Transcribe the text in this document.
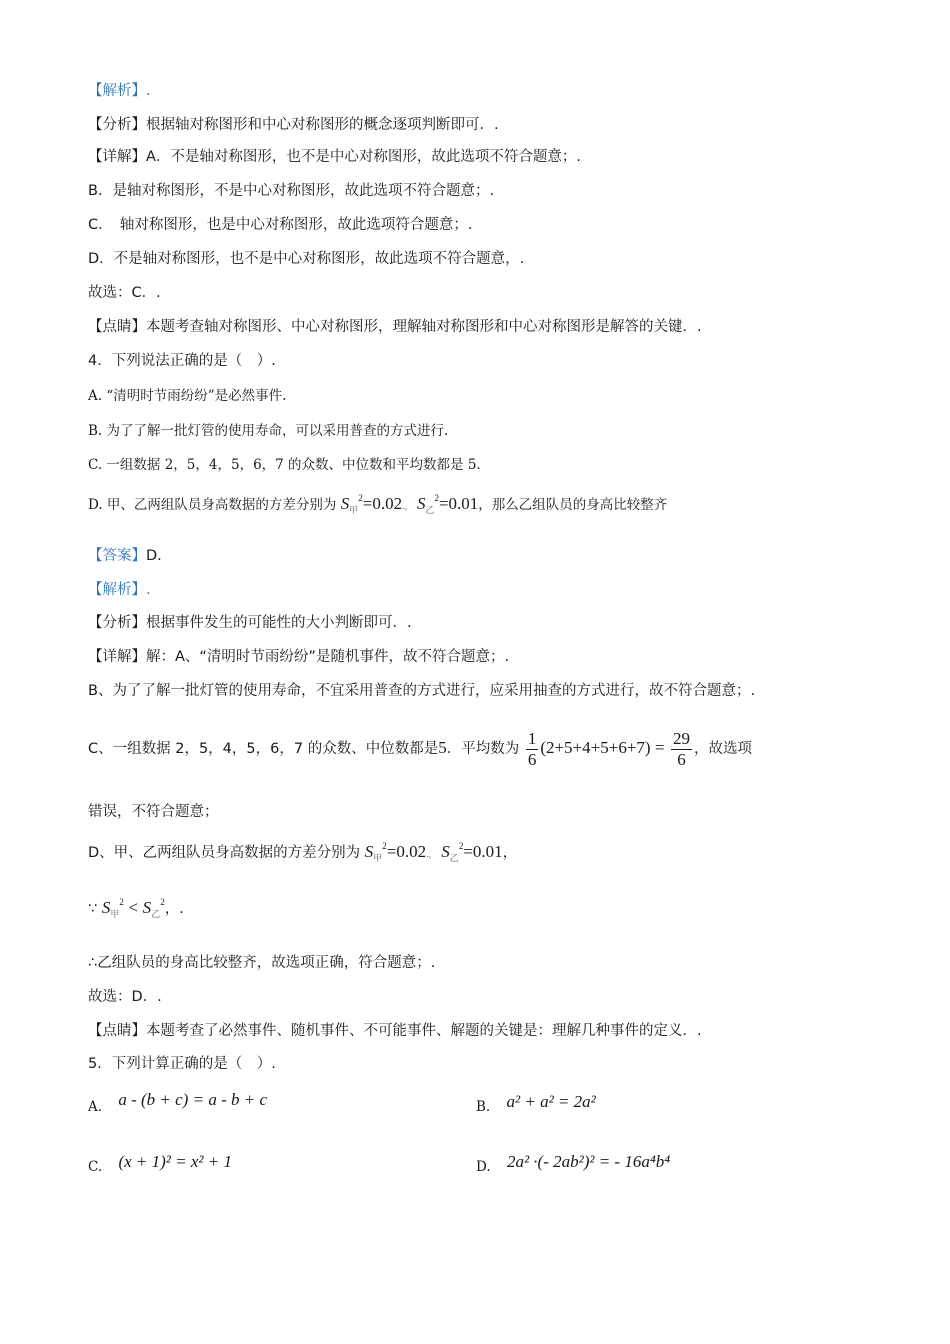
【解析】.
【分析】根据轴对称图形和中心对称图形的概念逐项判断即可．.
【详解】A．不是轴对称图形，也不是中心对称图形，故此选项不符合题意；.
B．是轴对称图形，不是中心对称图形，故此选项不符合题意；.
C．　轴对称图形，也是中心对称图形，故此选项符合题意；.
D．不是轴对称图形，也不是中心对称图形，故此选项不符合题意，.
故选：C．.
【点睛】本题考查轴对称图形、中心对称图形，理解轴对称图形和中心对称图形是解答的关键．.
4．下列说法正确的是（　）.
A. “清明时节雨纷纷”是必然事件.
B. 为了了解一批灯管的使用寿命，可以采用普查的方式进行.
C. 一组数据 2，5，4，5，6，7 的众数、中位数和平均数都是 5.
D. 甲、乙两组队员身高数据的方差分别为 $S_甲^2=0.02$.， $S_乙^2=0.01$，那么乙组队员的身高比较整齐
【答案】D.
【解析】.
【分析】根据事件发生的可能性的大小判断即可．.
【详解】解：A、“清明时节雨纷纷”是随机事件，故不符合题意；.
B、为了了解一批灯管的使用寿命，不宜采用普查的方式进行，应采用抽查的方式进行，故不符合题意；.
C、一组数据 2，5，4，5，6，7 的众数、中位数都是5．平均数为 $\frac{1}{6} (2+5+4+5+6+7) = \frac{29}{6}$ ，故选项
错误，不符合题意；
D、甲、乙两组队员身高数据的方差分别为 $S_甲^2=0.02$.， $S_乙^2=0.01$，
∵ $S_甲^2 < S_乙^2$，.
∴乙组队员的身高比较整齐，故选项正确，符合题意；.
故选：D．.
【点睛】本题考查了必然事件、随机事件、不可能事件、解题的关键是：理解几种事件的定义．.
5．下列计算正确的是（　）.
A. a - (b + c) = a - b + c	B. a² + a² = 2a²
C. (x + 1)² = x² + 1	D. 2a² ·(- 2ab²)² = - 16a⁴b⁴
